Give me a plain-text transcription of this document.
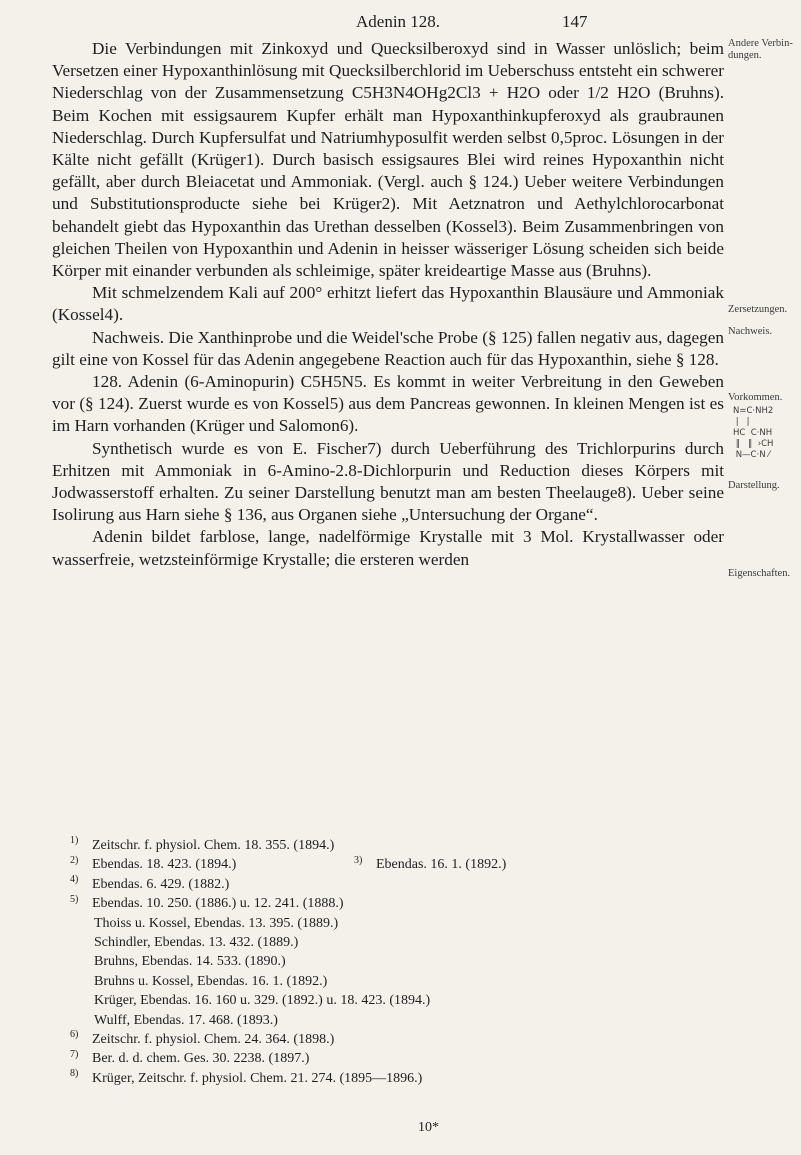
Adenin 128.	147
Andere Verbin-dungen.
Zersetzungen.
Nachweis.
Vorkommen.
N=C·NH2
|   |
HC  C·NH
‖   ‖  ›CH
N—C·N ⁄
Darstellung.
Eigenschaften.

Die Verbindungen mit Zinkoxyd und Quecksilberoxyd sind in Wasser unlöslich; beim Versetzen einer Hypoxanthinlösung mit Quecksilberchlorid im Ueberschuss entsteht ein schwerer Niederschlag von der Zusammensetzung C5H3N4OHg2Cl3 + H2O oder 1/2 H2O (Bruhns). Beim Kochen mit essigsaurem Kupfer erhält man Hypoxanthinkupferoxyd als graubraunen Niederschlag. Durch Kupfersulfat und Natriumhyposulfit werden selbst 0,5proc. Lösungen in der Kälte nicht gefällt (Krüger1). Durch basisch essigsaures Blei wird reines Hypoxanthin nicht gefällt, aber durch Bleiacetat und Ammoniak. (Vergl. auch § 124.) Ueber weitere Verbindungen und Substitutionsproducte siehe bei Krüger2). Mit Aetznatron und Aethylchlorocarbonat behandelt giebt das Hypoxanthin das Urethan desselben (Kossel3). Beim Zusammenbringen von gleichen Theilen von Hypoxanthin und Adenin in heisser wässeriger Lösung scheiden sich beide Körper mit einander verbunden als schleimige, später kreideartige Masse aus (Bruhns).

Mit schmelzendem Kali auf 200° erhitzt liefert das Hypoxanthin Blausäure und Ammoniak (Kossel4).

Nachweis. Die Xanthinprobe und die Weidel'sche Probe (§ 125) fallen negativ aus, dagegen gilt eine von Kossel für das Adenin angegebene Reaction auch für das Hypoxanthin, siehe § 128.

128. Adenin (6-Aminopurin) C5H5N5. Es kommt in weiter Verbreitung in den Geweben vor (§ 124). Zuerst wurde es von Kossel5) aus dem Pancreas gewonnen. In kleinen Mengen ist es im Harn vorhanden (Krüger und Salomon6).

Synthetisch wurde es von E. Fischer7) durch Ueberführung des Trichlorpurins durch Erhitzen mit Ammoniak in 6-Amino-2.8-Dichlorpurin und Reduction dieses Körpers mit Jodwasserstoff erhalten. Zu seiner Darstellung benutzt man am besten Theelauge8). Ueber seine Isolirung aus Harn siehe § 136, aus Organen siehe „Untersuchung der Organe“.

Adenin bildet farblose, lange, nadelförmige Krystalle mit 3 Mol. Krystallwasser oder wasserfreie, wetzsteinförmige Krystalle; die ersteren werden

1) Zeitschr. f. physiol. Chem. 18. 355. (1894.)

2) Ebendas. 18. 423. (1894.)	3) Ebendas. 16. 1. (1892.)

4) Ebendas. 6. 429. (1882.)

5) Ebendas. 10. 250. (1886.) u. 12. 241. (1888.)

Thoiss u. Kossel, Ebendas. 13. 395. (1889.)

Schindler, Ebendas. 13. 432. (1889.)

Bruhns, Ebendas. 14. 533. (1890.)

Bruhns u. Kossel, Ebendas. 16. 1. (1892.)

Krüger, Ebendas. 16. 160 u. 329. (1892.) u. 18. 423. (1894.)

Wulff, Ebendas. 17. 468. (1893.)

6) Zeitschr. f. physiol. Chem. 24. 364. (1898.)

7) Ber. d. d. chem. Ges. 30. 2238. (1897.)

8) Krüger, Zeitschr. f. physiol. Chem. 21. 274. (1895—1896.)

10*
